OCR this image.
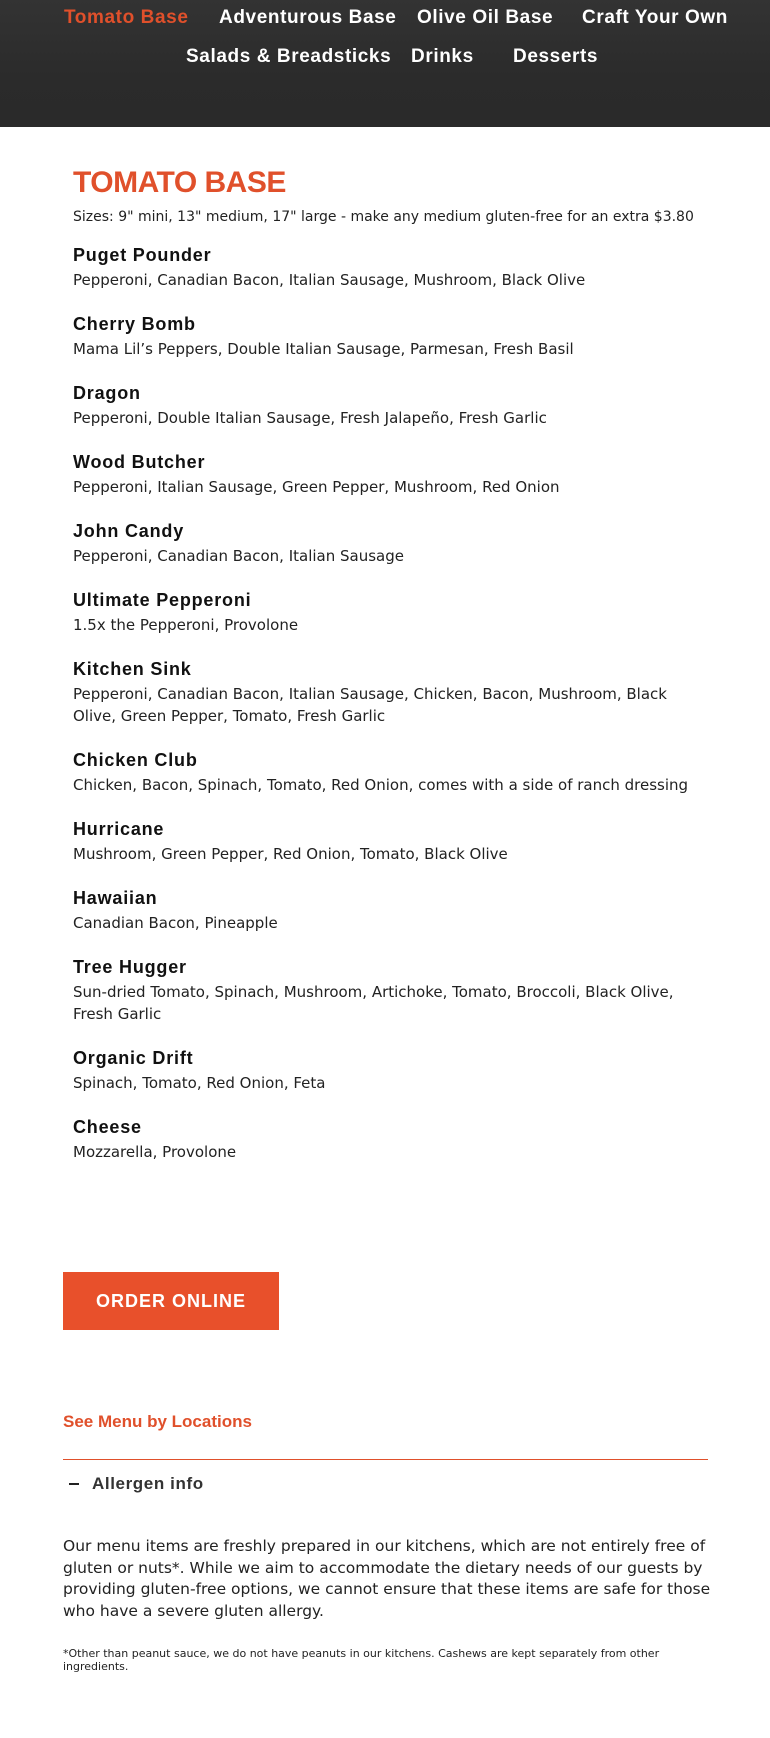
Tomato Base Adventurous Base Olive Oil Base Craft Your Own
Salads & Breadsticks Drinks Desserts
TOMATO BASE
Sizes: 9" mini, 13" medium, 17" large - make any medium gluten-free for an extra $3.80
Puget Pounder
Pepperoni, Canadian Bacon, Italian Sausage, Mushroom, Black Olive
Cherry Bomb
Mama Lil’s Peppers, Double Italian Sausage, Parmesan, Fresh Basil
Dragon
Pepperoni, Double Italian Sausage, Fresh Jalapeño, Fresh Garlic
Wood Butcher
Pepperoni, Italian Sausage, Green Pepper, Mushroom, Red Onion
John Candy
Pepperoni, Canadian Bacon, Italian Sausage
Ultimate Pepperoni
1.5x the Pepperoni, Provolone
Kitchen Sink
Pepperoni, Canadian Bacon, Italian Sausage, Chicken, Bacon, Mushroom, Black Olive, Green Pepper, Tomato, Fresh Garlic
Chicken Club
Chicken, Bacon, Spinach, Tomato, Red Onion, comes with a side of ranch dressing
Hurricane
Mushroom, Green Pepper, Red Onion, Tomato, Black Olive
Hawaiian
Canadian Bacon, Pineapple
Tree Hugger
Sun-dried Tomato, Spinach, Mushroom, Artichoke, Tomato, Broccoli, Black Olive, Fresh Garlic
Organic Drift
Spinach, Tomato, Red Onion, Feta
Cheese
Mozzarella, Provolone
ORDER ONLINE
See Menu by Locations
Allergen info
Our menu items are freshly prepared in our kitchens, which are not entirely free of gluten or nuts*. While we aim to accommodate the dietary needs of our guests by providing gluten-free options, we cannot ensure that these items are safe for those who have a severe gluten allergy.
*Other than peanut sauce, we do not have peanuts in our kitchens. Cashews are kept separately from other ingredients.
